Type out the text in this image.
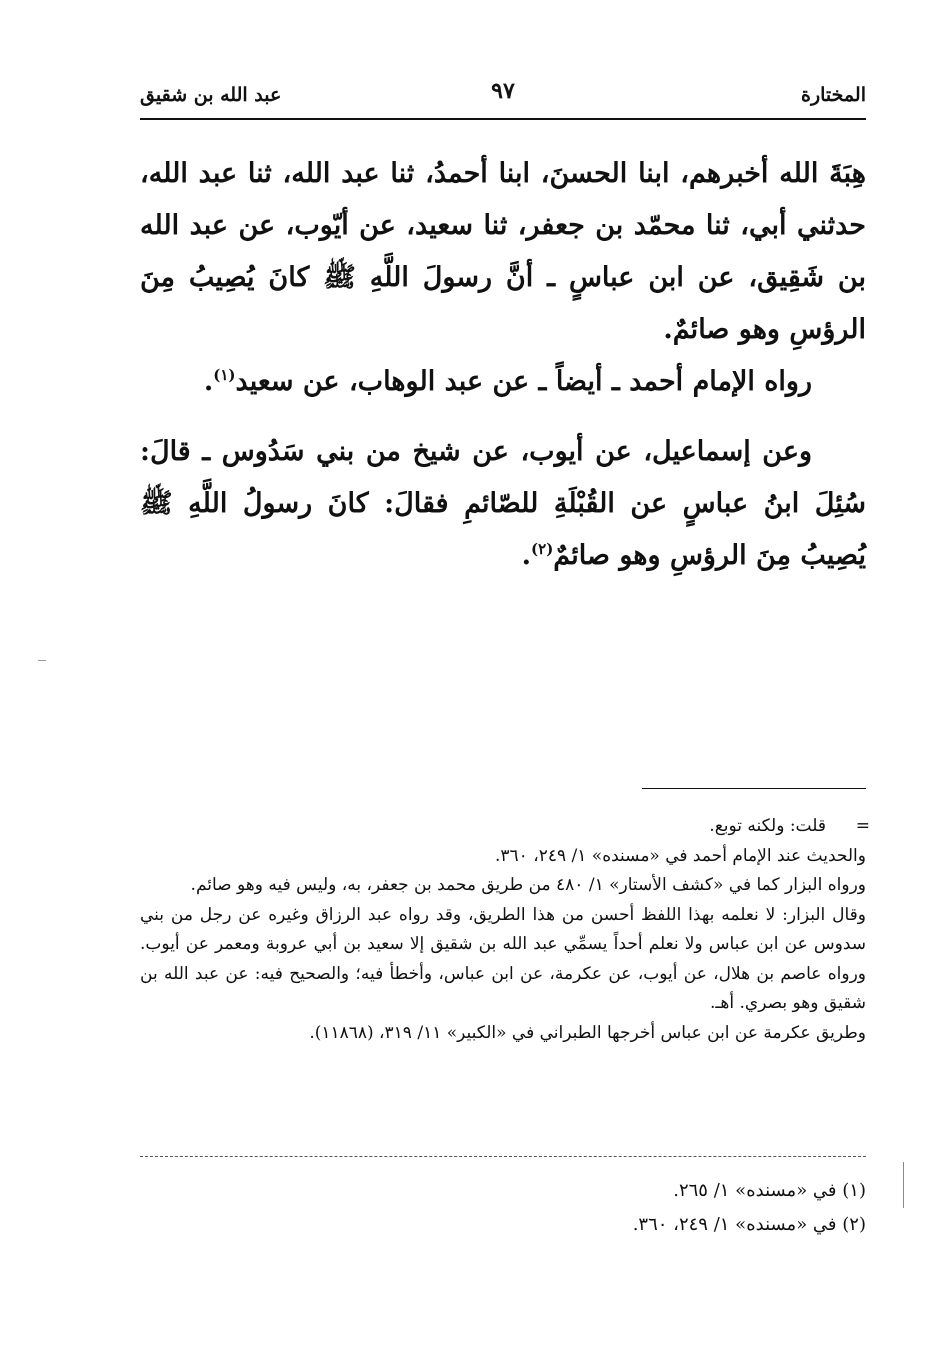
المختارة
٩٧
عبد الله بن شقيق

هِبَةَ الله أخبرهم، ابنا الحسنَ، ابنا أحمدُ، ثنا عبد الله، ثنا عبد الله، حدثني أبي، ثنا محمّد بن جعفر، ثنا سعيد، عن أيّوب، عن عبد الله بن شَقِيق، عن ابن عباسٍ ـ أنَّ رسولَ اللَّهِ ﷺ كانَ يُصِيبُ مِنَ الرؤسِ وهو صائمٌ.

رواه الإمام أحمد ـ أيضاً ـ عن عبد الوهاب، عن سعيد$^{(١)}$.

وعن إسماعيل، عن أيوب، عن شيخ من بني سَدُوس ـ قالَ: سُئِلَ ابنُ عباسٍ عن القُبْلَةِ للصّائمِ فقالَ: كانَ رسولُ اللَّهِ ﷺ يُصِيبُ مِنَ الرؤسِ وهو صائمٌ$^{(٢)}$.

=

قلت: ولكنه توبع.

والحديث عند الإمام أحمد في «مسنده» ١/ ٢٤٩، ٣٦٠.

ورواه البزار كما في «كشف الأستار» ١/ ٤٨٠ من طريق محمد بن جعفر، به، وليس فيه وهو صائم.

وقال البزار: لا نعلمه بهذا اللفظ أحسن من هذا الطريق، وقد رواه عبد الرزاق وغيره عن رجل من بني سدوس عن ابن عباس ولا نعلم أحداً يسمِّي عبد الله بن شقيق إلا سعيد بن أبي عروبة ومعمر عن أيوب. ورواه عاصم بن هلال، عن أيوب، عن عكرمة، عن ابن عباس، وأخطأ فيه؛ والصحيح فيه: عن عبد الله بن شقيق وهو بصري. أهـ.

وطريق عكرمة عن ابن عباس أخرجها الطبراني في «الكبير» ١١/ ٣١٩، (١١٨٦٨).

(١) في «مسنده» ١/ ٢٦٥.

(٢) في «مسنده» ١/ ٢٤٩، ٣٦٠.
